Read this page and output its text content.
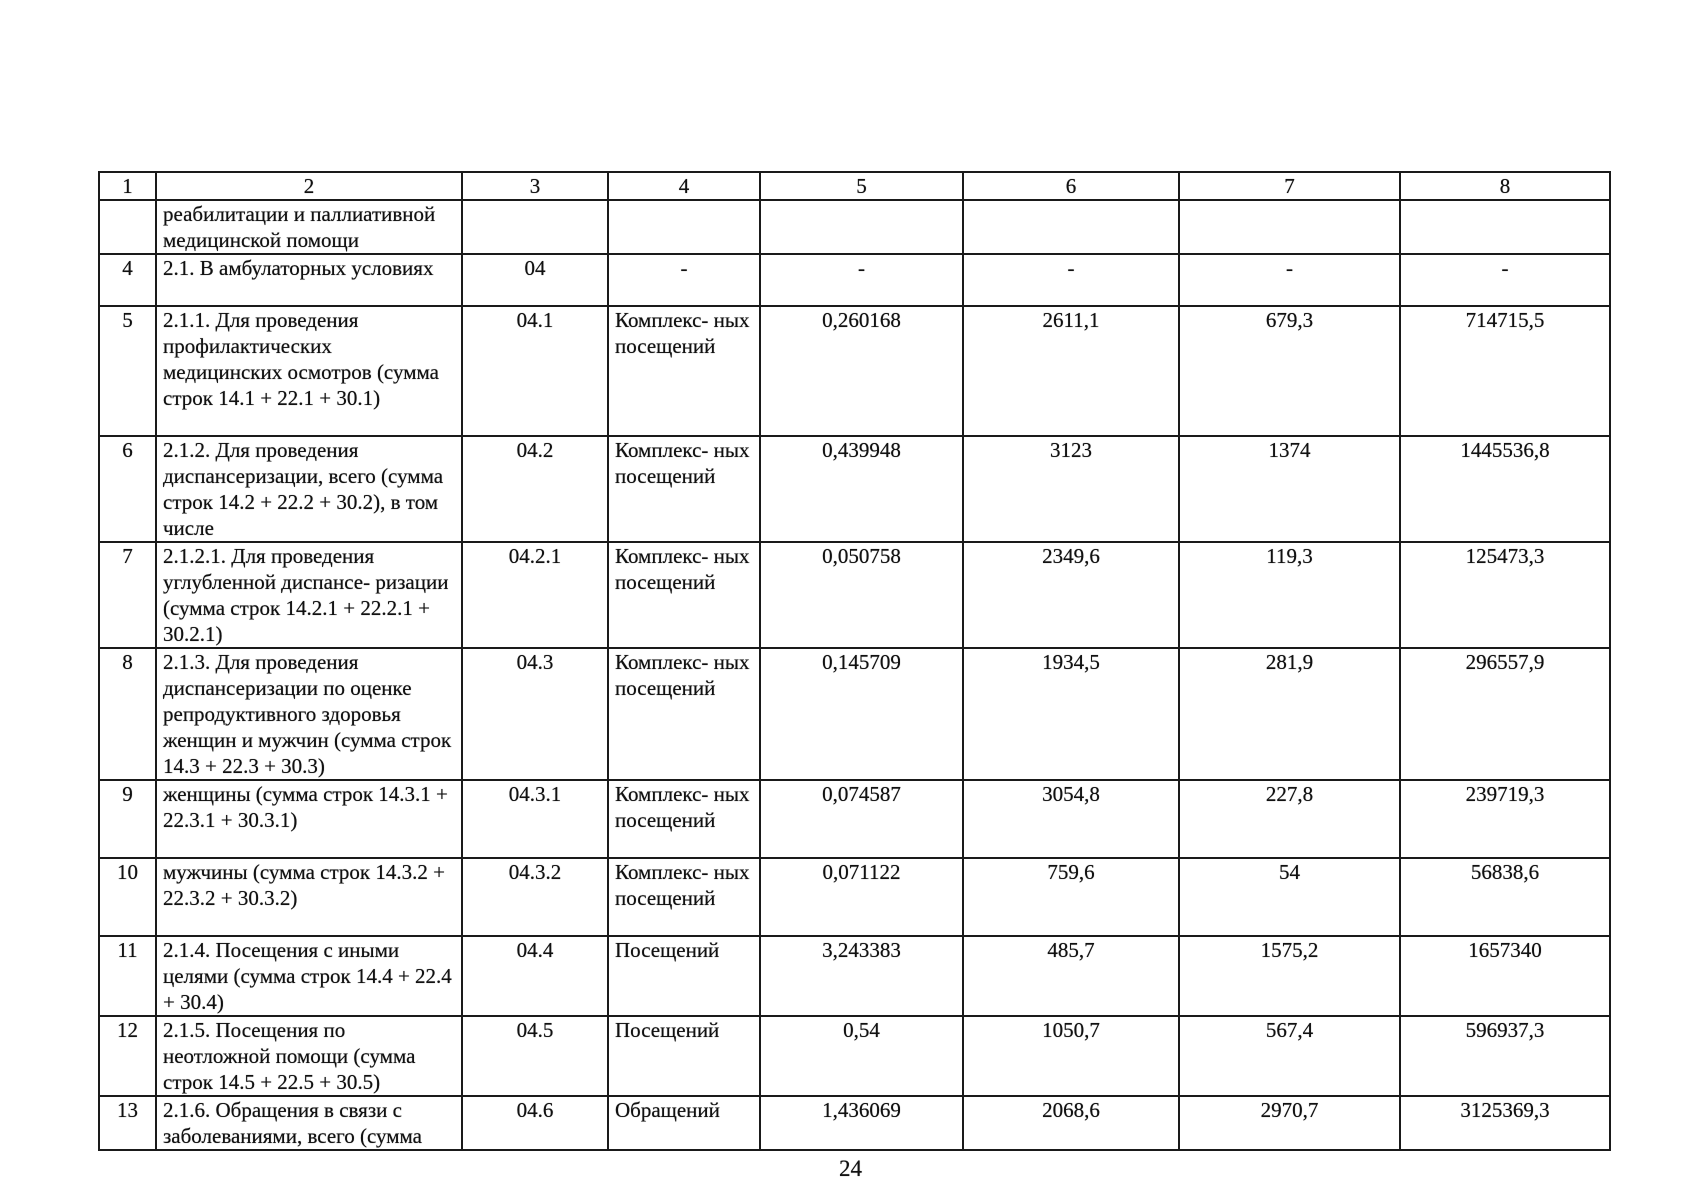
1	2	3	4	5	6	7	8
	реабилитации и паллиативной медицинской помощи						
4	2.1. В амбулаторных условиях	04	-	-	-	-	-
5	2.1.1. Для проведения профилактических медицинских осмотров (сумма строк 14.1 + 22.1 + 30.1)	04.1	Комплекс- ных посещений	0,260168	2611,1	679,3	714715,5
6	2.1.2. Для проведения диспансеризации, всего (сумма строк 14.2 + 22.2 + 30.2), в том числе	04.2	Комплекс- ных посещений	0,439948	3123	1374	1445536,8
7	2.1.2.1. Для проведения углубленной диспансе- ризации (сумма строк 14.2.1 + 22.2.1 + 30.2.1)	04.2.1	Комплекс- ных посещений	0,050758	2349,6	119,3	125473,3
8	2.1.3. Для проведения диспансеризации по оценке репродуктивного здоровья женщин и мужчин (сумма строк 14.3 + 22.3 + 30.3)	04.3	Комплекс- ных посещений	0,145709	1934,5	281,9	296557,9
9	женщины (сумма строк 14.3.1 + 22.3.1 + 30.3.1)	04.3.1	Комплекс- ных посещений	0,074587	3054,8	227,8	239719,3
10	мужчины (сумма строк 14.3.2 + 22.3.2 + 30.3.2)	04.3.2	Комплекс- ных посещений	0,071122	759,6	54	56838,6
11	2.1.4. Посещения с иными целями (сумма строк 14.4 + 22.4 + 30.4)	04.4	Посещений	3,243383	485,7	1575,2	1657340
12	2.1.5. Посещения по неотложной помощи (сумма строк 14.5 + 22.5 + 30.5)	04.5	Посещений	0,54	1050,7	567,4	596937,3
13	2.1.6. Обращения в связи с заболеваниями, всего (сумма	04.6	Обращений	1,436069	2068,6	2970,7	3125369,3
24
